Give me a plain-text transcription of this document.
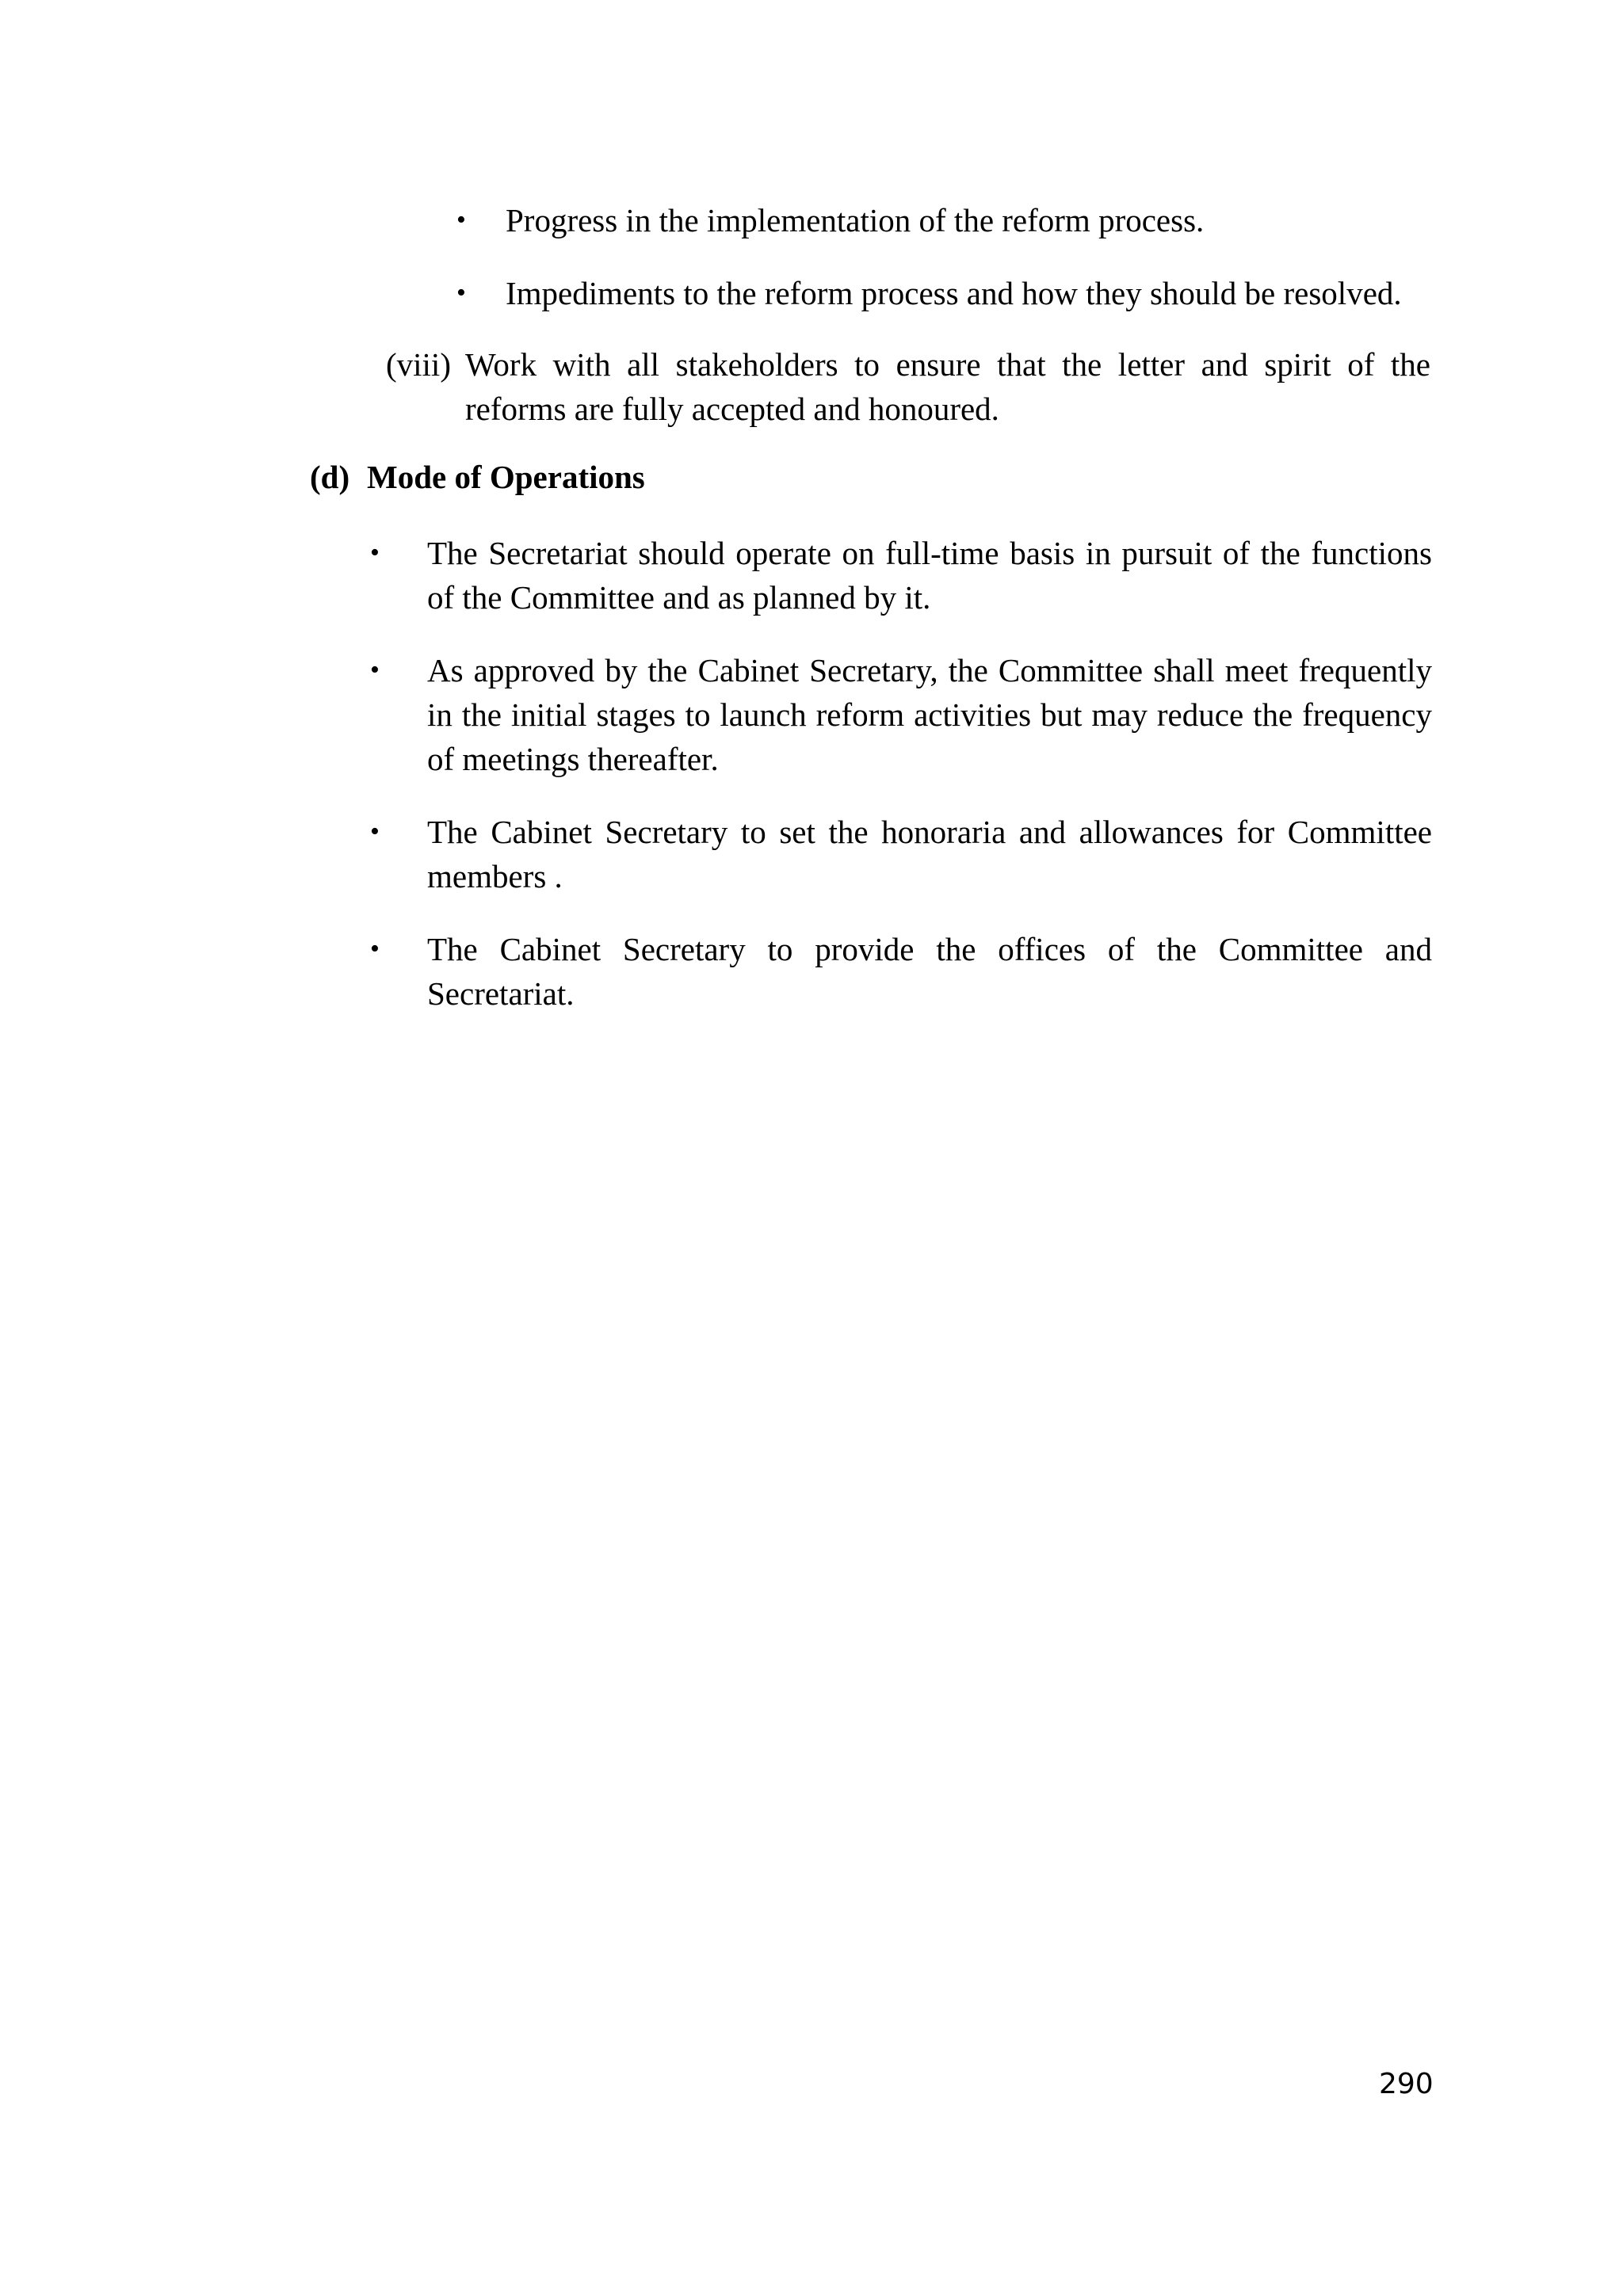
• Progress in the implementation of the reform process.
• Impediments to the reform process and how they should be resolved.
(viii) Work with all stakeholders to ensure that the letter and spirit of the reforms are fully accepted and honoured.
(d) Mode of Operations
• The Secretariat should operate on full-time basis in pursuit of the functions of the Committee and as planned by it.
• As approved by the Cabinet Secretary, the Committee shall meet frequently in the initial stages to launch reform activities but may reduce the frequency of meetings thereafter.
• The Cabinet Secretary to set the honoraria and allowances for Committee members .
• The Cabinet Secretary to provide the offices of the Committee and Secretariat.
290
